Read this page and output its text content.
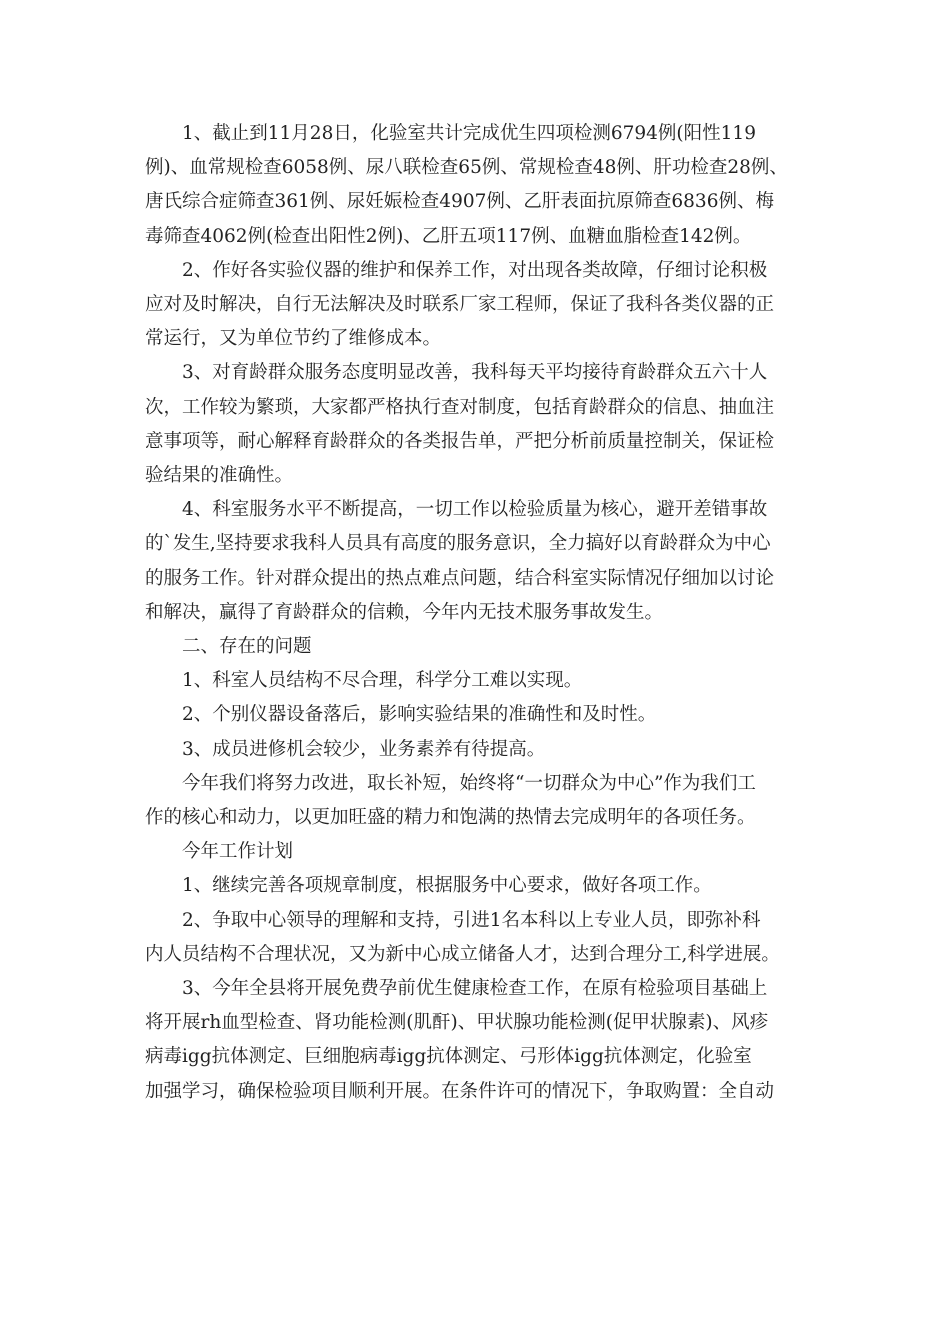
1、截止到11月28日，化验室共计完成优生四项检测6794例(阳性119
例)、血常规检查6058例、尿八联检查65例、常规检查48例、肝功检查28例、
唐氏综合症筛查361例、尿妊娠检查4907例、乙肝表面抗原筛查6836例、梅
毒筛查4062例(检查出阳性2例)、乙肝五项117例、血糖血脂检查142例。

2、作好各实验仪器的维护和保养工作，对出现各类故障，仔细讨论积极
应对及时解决，自行无法解决及时联系厂家工程师，保证了我科各类仪器的正
常运行，又为单位节约了维修成本。

3、对育龄群众服务态度明显改善，我科每天平均接待育龄群众五六十人
次，工作较为繁琐，大家都严格执行查对制度，包括育龄群众的信息、抽血注
意事项等，耐心解释育龄群众的各类报告单，严把分析前质量控制关，保证检
验结果的准确性。

4、科室服务水平不断提高，一切工作以检验质量为核心，避开差错事故
的`发生,坚持要求我科人员具有高度的服务意识，全力搞好以育龄群众为中心
的服务工作。针对群众提出的热点难点问题，结合科室实际情况仔细加以讨论
和解决，赢得了育龄群众的信赖，今年内无技术服务事故发生。

二、存在的问题

1、科室人员结构不尽合理，科学分工难以实现。

2、个别仪器设备落后，影响实验结果的准确性和及时性。

3、成员进修机会较少，业务素养有待提高。

今年我们将努力改进，取长补短，始终将“一切群众为中心”作为我们工
作的核心和动力，以更加旺盛的精力和饱满的热情去完成明年的各项任务。

今年工作计划

1、继续完善各项规章制度，根据服务中心要求，做好各项工作。

2、争取中心领导的理解和支持，引进1名本科以上专业人员，即弥补科
内人员结构不合理状况，又为新中心成立储备人才，达到合理分工,科学进展。

3、今年全县将开展免费孕前优生健康检查工作，在原有检验项目基础上
将开展rh血型检查、肾功能检测(肌酐)、甲状腺功能检测(促甲状腺素)、风疹
病毒igg抗体测定、巨细胞病毒igg抗体测定、弓形体igg抗体测定，化验室
加强学习，确保检验项目顺利开展。在条件许可的情况下，争取购置：全自动
